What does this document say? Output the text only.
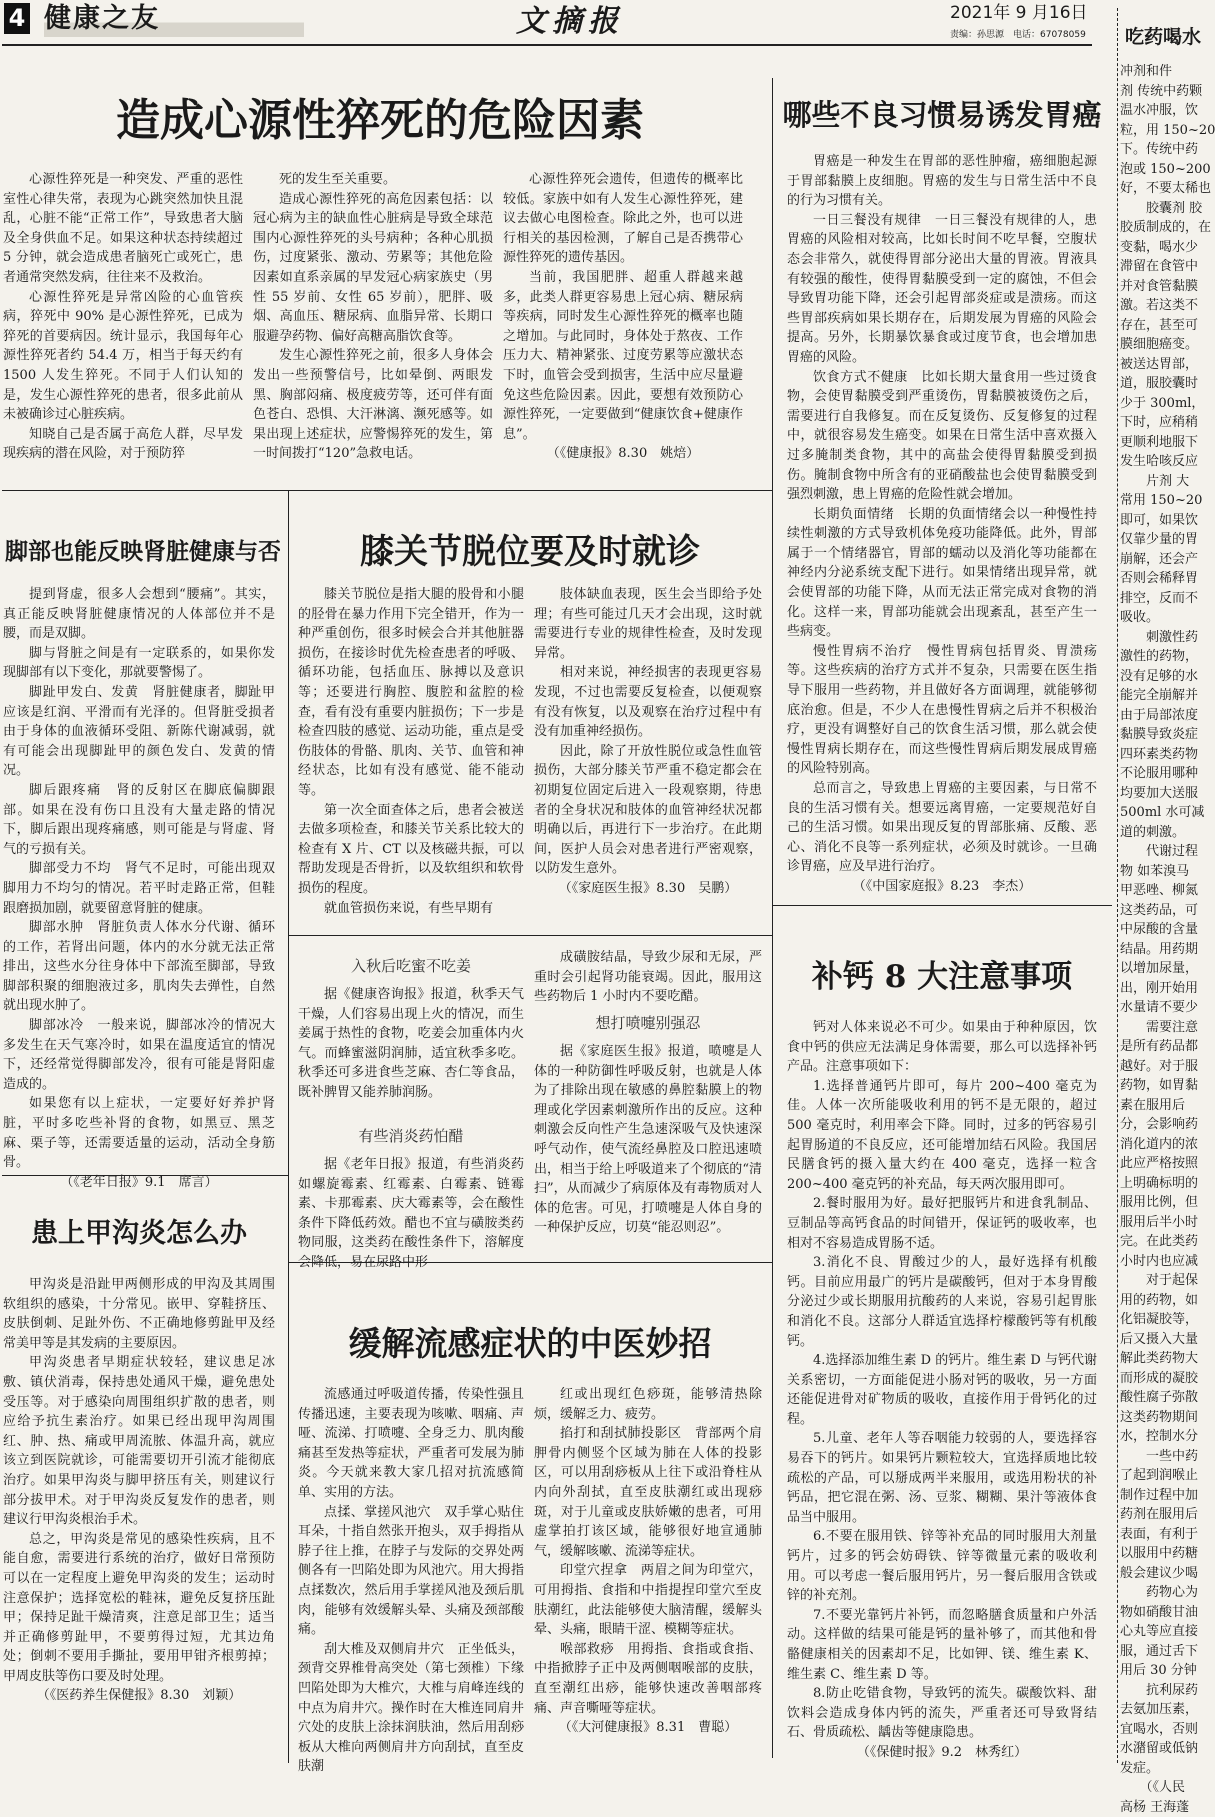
4 健康之友	文摘报	2021年 9 月16日
责编：孙思源　电话：67078059
造成心源性猝死的危险因素

心源性猝死是一种突发、严重的恶性室性心律失常，表现为心跳突然加快且混乱，心脏不能“正常工作”，导致患者大脑及全身供血不足。如果这种状态持续超过 5 分钟，就会造成患者脑死亡或死亡，患者通常突然发病，往往来不及救治。

心源性猝死是异常凶险的心血管疾病，猝死中 90% 是心源性猝死，已成为猝死的首要病因。统计显示，我国每年心源性猝死者约 54.4 万，相当于每天约有 1500 人发生猝死。不同于人们认知的是，发生心源性猝死的患者，很多此前从未被确诊过心脏疾病。

知晓自己是否属于高危人群，尽早发现疾病的潜在风险，对于预防猝

死的发生至关重要。

造成心源性猝死的高危因素包括：以冠心病为主的缺血性心脏病是导致全球范围内心源性猝死的头号病种；各种心肌损伤，过度紧张、激动、劳累等；其他危险因素如直系亲属的早发冠心病家族史（男性 55 岁前、女性 65 岁前），肥胖、吸烟、高血压、糖尿病、血脂异常、长期口服避孕药物、偏好高糖高脂饮食等。

发生心源性猝死之前，很多人身体会发出一些预警信号，比如晕倒、两眼发黑、胸部闷痛、极度疲劳等，还可伴有面色苍白、恐惧、大汗淋漓、濒死感等。如果出现上述症状，应警惕猝死的发生，第一时间拨打“120”急救电话。

心源性猝死会遗传，但遗传的概率比较低。家族中如有人发生心源性猝死，建议去做心电图检查。除此之外，也可以进行相关的基因检测，了解自己是否携带心源性猝死的遗传基因。

当前，我国肥胖、超重人群越来越多，此类人群更容易患上冠心病、糖尿病等疾病，同时发生心源性猝死的概率也随之增加。与此同时，身体处于熬夜、工作压力大、精神紧张、过度劳累等应激状态下时，血管会受到损害，生活中应尽量避免这些危险因素。因此，要想有效预防心源性猝死，一定要做到“健康饮食+健康作息”。

（《健康报》8.30　姚焙）

哪些不良习惯易诱发胃癌

胃癌是一种发生在胃部的恶性肿瘤，癌细胞起源于胃部黏膜上皮细胞。胃癌的发生与日常生活中不良的行为习惯有关。

一日三餐没有规律　一日三餐没有规律的人，患胃癌的风险相对较高，比如长时间不吃早餐，空腹状态会非常久，就使得胃部分泌出大量的胃液。胃液具有较强的酸性，使得胃黏膜受到一定的腐蚀，不但会导致胃功能下降，还会引起胃部炎症或是溃疡。而这些胃部疾病如果长期存在，后期发展为胃癌的风险会提高。另外，长期暴饮暴食或过度节食，也会增加患胃癌的风险。

饮食方式不健康　比如长期大量食用一些过烫食物，会使胃黏膜受到严重烫伤，胃黏膜被烫伤之后，需要进行自我修复。而在反复烫伤、反复修复的过程中，就很容易发生癌变。如果在日常生活中喜欢摄入过多腌制类食物，其中的高盐会使得胃黏膜受到损伤。腌制食物中所含有的亚硝酸盐也会使胃黏膜受到强烈刺激，患上胃癌的危险性就会增加。

长期负面情绪　长期的负面情绪会以一种慢性持续性刺激的方式导致机体免疫功能降低。此外，胃部属于一个情绪器官，胃部的蠕动以及消化等功能都在神经内分泌系统支配下进行。如果情绪出现异常，就会使胃部的功能下降，从而无法正常完成对食物的消化。这样一来，胃部功能就会出现紊乱，甚至产生一些病变。

慢性胃病不治疗　慢性胃病包括胃炎、胃溃疡等。这些疾病的治疗方式并不复杂，只需要在医生指导下服用一些药物，并且做好各方面调理，就能够彻底治愈。但是，不少人在患慢性胃病之后并不积极治疗，更没有调整好自己的饮食生活习惯，那么就会使慢性胃病长期存在，而这些慢性胃病后期发展成胃癌的风险特别高。

总而言之，导致患上胃癌的主要因素，与日常不良的生活习惯有关。想要远离胃癌，一定要规范好自己的生活习惯。如果出现反复的胃部胀痛、反酸、恶心、消化不良等一系列症状，必须及时就诊。一旦确诊胃癌，应及早进行治疗。

（《中国家庭报》8.23　李杰）

脚部也能反映肾脏健康与否

提到肾虚，很多人会想到“腰痛”。其实，真正能反映肾脏健康情况的人体部位并不是腰，而是双脚。

脚与肾脏之间是有一定联系的，如果你发现脚部有以下变化，那就要警惕了。

脚趾甲发白、发黄　肾脏健康者，脚趾甲应该是红润、平滑而有光泽的。但肾脏受损者由于身体的血液循环受阻、新陈代谢减弱，就有可能会出现脚趾甲的颜色发白、发黄的情况。

脚后跟疼痛　肾的反射区在脚底偏脚跟部。如果在没有伤口且没有大量走路的情况下，脚后跟出现疼痛感，则可能是与肾虚、肾气的亏损有关。

脚部受力不均　肾气不足时，可能出现双脚用力不均匀的情况。若平时走路正常，但鞋跟磨损加剧，就要留意肾脏的健康。

脚部水肿　肾脏负责人体水分代谢、循环的工作，若肾出问题，体内的水分就无法正常排出，这些水分往身体中下部流至脚部，导致脚部积聚的细胞液过多，肌肉失去弹性，自然就出现水肿了。

脚部冰冷　一般来说，脚部冰冷的情况大多发生在天气寒冷时，如果在温度适宜的情况下，还经常觉得脚部发冷，很有可能是肾阳虚造成的。

如果您有以上症状，一定要好好养护肾脏，平时多吃些补肾的食物，如黑豆、黑芝麻、栗子等，还需要适量的运动，活动全身筋骨。

（《老年日报》9.1　席言）

膝关节脱位要及时就诊

膝关节脱位是指大腿的股骨和小腿的胫骨在暴力作用下完全错开，作为一种严重创伤，很多时候会合并其他脏器损伤，在接诊时优先检查患者的呼吸、循环功能，包括血压、脉搏以及意识等；还要进行胸腔、腹腔和盆腔的检查，看有没有重要内脏损伤；下一步是检查四肢的感觉、运动功能，重点是受伤肢体的骨骼、肌肉、关节、血管和神经状态，比如有没有感觉、能不能动等。

第一次全面查体之后，患者会被送去做多项检查，和膝关节关系比较大的检查有 X 片、CT 以及核磁共振，可以帮助发现是否骨折，以及软组织和软骨损伤的程度。

就血管损伤来说，有些早期有

肢体缺血表现，医生会当即给予处理；有些可能过几天才会出现，这时就需要进行专业的规律性检查，及时发现异常。

相对来说，神经损害的表现更容易发现，不过也需要反复检查，以便观察有没有恢复，以及观察在治疗过程中有没有加重神经损伤。

因此，除了开放性脱位或急性血管损伤，大部分膝关节严重不稳定都会在初期复位固定后进入一段观察期，待患者的全身状况和肢体的血管神经状况都明确以后，再进行下一步治疗。在此期间，医护人员会对患者进行严密观察，以防发生意外。

（《家庭医生报》8.30　吴鹏）

入秋后吃蜜不吃姜

据《健康咨询报》报道，秋季天气干燥，人们容易出现上火的情况，而生姜属于热性的食物，吃姜会加重体内火气。而蜂蜜滋阴润肺，适宜秋季多吃。秋季还可多进食些芝麻、杏仁等食品，既补脾胃又能养肺润肠。

有些消炎药怕醋

据《老年日报》报道，有些消炎药如螺旋霉素、红霉素、白霉素、链霉素、卡那霉素、庆大霉素等，会在酸性条件下降低药效。醋也不宜与磺胺类药物同服，这类药在酸性条件下，溶解度会降低，易在尿路中形

成磺胺结晶，导致少尿和无尿，严重时会引起肾功能衰竭。因此，服用这些药物后 1 小时内不要吃醋。

想打喷嚏别强忍

据《家庭医生报》报道，喷嚏是人体的一种防御性呼吸反射，也就是人体为了排除出现在敏感的鼻腔黏膜上的物理或化学因素刺激所作出的反应。这种刺激会反向性产生急速深吸气及快速深呼气动作，使气流经鼻腔及口腔迅速喷出，相当于给上呼吸道来了个彻底的“清扫”，从而减少了病原体及有毒物质对人体的危害。可见，打喷嚏是人体自身的一种保护反应，切莫“能忍则忍”。

补钙 8 大注意事项

钙对人体来说必不可少。如果由于种种原因，饮食中钙的供应无法满足身体需要，那么可以选择补钙产品。注意事项如下：

1.选择普通钙片即可，每片 200~400 毫克为佳。人体一次所能吸收利用的钙不是无限的，超过 500 毫克时，利用率会下降。同时，过多的钙容易引起胃肠道的不良反应，还可能增加结石风险。我国居民膳食钙的摄入量大约在 400 毫克，选择一粒含 200~400 毫克钙的补充品，每天两次服用即可。

2.餐时服用为好。最好把服钙片和进食乳制品、豆制品等高钙食品的时间错开，保证钙的吸收率，也相对不容易造成胃肠不适。

3.消化不良、胃酸过少的人，最好选择有机酸钙。目前应用最广的钙片是碳酸钙，但对于本身胃酸分泌过少或长期服用抗酸药的人来说，容易引起胃胀和消化不良。这部分人群适宜选择柠檬酸钙等有机酸钙。

4.选择添加维生素 D 的钙片。维生素 D 与钙代谢关系密切，一方面能促进小肠对钙的吸收，另一方面还能促进骨对矿物质的吸收，直接作用于骨钙化的过程。

5.儿童、老年人等吞咽能力较弱的人，要选择容易吞下的钙片。如果钙片颗粒较大，宜选择质地比较疏松的产品，可以掰成两半来服用，或选用粉状的补钙品，把它混在粥、汤、豆浆、糊糊、果汁等液体食品当中服用。

6.不要在服用铁、锌等补充品的同时服用大剂量钙片，过多的钙会妨碍铁、锌等微量元素的吸收利用。可以考虑一餐后服用钙片，另一餐后服用含铁或锌的补充剂。

7.不要光靠钙片补钙，而忽略膳食质量和户外活动。这样做的结果可能是钙的量补够了，而其他和骨骼健康相关的因素却不足，比如钾、镁、维生素 K、维生素 C、维生素 D 等。

8.防止吃错食物，导致钙的流失。碳酸饮料、甜饮料会造成身体内钙的流失，严重者还可导致肾结石、骨质疏松、龋齿等健康隐患。

（《保健时报》9.2　林秀红）

患上甲沟炎怎么办

甲沟炎是沿趾甲两侧形成的甲沟及其周围软组织的感染，十分常见。嵌甲、穿鞋挤压、皮肤倒刺、足趾外伤、不正确地修剪趾甲及经常美甲等是其发病的主要原因。

甲沟炎患者早期症状较轻，建议患足冰敷、镇伏消毒，保持患处通风干燥，避免患处受压等。对于感染向周围组织扩散的患者，则应给予抗生素治疗。如果已经出现甲沟周围红、肿、热、痛或甲周流脓、体温升高，就应该立到医院就诊，可能需要切开引流才能彻底治疗。如果甲沟炎与脚甲挤压有关，则建议行部分拔甲术。对于甲沟炎反复发作的患者，则建议行甲沟炎根治手术。

总之，甲沟炎是常见的感染性疾病，且不能自愈，需要进行系统的治疗，做好日常预防可以在一定程度上避免甲沟炎的发生；运动时注意保护；选择宽松的鞋袜，避免反复挤压趾甲；保持足趾干燥清爽，注意足部卫生；适当并正确修剪趾甲，不要剪得过短，尤其边角处；倒刺不要用手撕扯，要用甲钳齐根剪掉；甲周皮肤等伤口要及时处理。

（《医药养生保健报》8.30　刘颖）

缓解流感症状的中医妙招

流感通过呼吸道传播，传染性强且传播迅速，主要表现为咳嗽、咽痛、声哑、流涕、打喷嚏、全身乏力、肌肉酸痛甚至发热等症状，严重者可发展为肺炎。今天就来教大家几招对抗流感简单、实用的方法。

点揉、掌搓风池穴　双手掌心贴住耳朵，十指自然张开抱头，双手拇指从脖子往上推，在脖子与发际的交界处两侧各有一凹陷处即为风池穴。用大拇指点揉数次，然后用手掌搓风池及颈后肌肉，能够有效缓解头晕、头痛及颈部酸痛。

刮大椎及双侧肩井穴　正坐低头，颈背交界椎骨高突处（第七颈椎）下缘凹陷处即为大椎穴，大椎与肩峰连线的中点为肩井穴。操作时在大椎连同肩井穴处的皮肤上涂抹润肤油，然后用刮痧板从大椎向两侧肩井方向刮拭，直至皮肤潮

红或出现红色痧斑，能够清热除烦，缓解乏力、疲劳。

掐打和刮拭肺投影区　背部两个肩胛骨内侧竖个区域为肺在人体的投影区，可以用刮痧板从上往下或沿脊柱从内向外刮拭，直至皮肤潮红或出现痧斑，对于儿童或皮肤娇嫩的患者，可用虚掌拍打该区域，能够很好地宣通肺气，缓解咳嗽、流涕等症状。

印堂穴捏拿　两眉之间为印堂穴，可用拇指、食指和中指提捏印堂穴至皮肤潮红，此法能够使大脑清醒，缓解头晕、头痛，眼睛干涩、模糊等症状。

喉部救痧　用拇指、食指或食指、中指掀脖子正中及两侧咽喉部的皮肤，直至潮红出痧，能够快速改善咽部疼痛、声音嘶哑等症状。

（《大河健康报》8.31　曹聪）

吃药喝水
冲剂和件
剂 传统中药颗
温水冲服，饮
粒，用 150~20
下。传统中药
泡或 150~200
好，不要太稀也
　　胶囊剂 胶
胶质制成的，在
变黏，喝水少
滞留在食管中
并对食管黏膜
激。若这类不
存在，甚至可
膜细胞癌变。
被送达胃部，
道，服胶囊时
少于 300ml，
下时，应稍稍
更顺利地服下
发生哈咳反应
　　片剂 大
常用 150~20
即可，如果饮
仅靠少量的胃
崩解，还会产
否则会稀释胃
排空，反而不
吸收。
　　刺激性药
激性的药物，
没有足够的水
能完全崩解并
由于局部浓度
黏膜导致炎症
四环素类药物
不论服用哪种
均要加大送服
500ml 水可减
道的刺激。
　　代谢过程
物 如苯溴马
甲恶唑、柳氮
这类药品，可
中尿酸的含量
结晶。用药期
以增加尿量，
出，刚开始用
水量请不要少
　　需要注意
是所有药品都
越好。对于服
药物，如胃黏
素在服用后
分，会影响药
消化道内的浓
此应严格按照
上明确标明的
服用比例，但
服用后半小时
完。在此类药
小时内也应减
　　对于起保
用的药物，如
化铝凝胶等，
后又摄入大量
解此类药物大
而形成的凝胶
酸性腐子弥散
这类药物期间
水，控制水分
　　一些中药
了起到润喉止
制作过程中加
药剂在服用后
表面，有利于
以服用中药糖
般会建议少喝
　　药物心为
物如硝酸甘油
心丸等应直接
服，通过舌下
用后 30 分钟
　　抗利尿药
去氨加压素，
宜喝水，否则
水潴留或低钠
发症。
　　（《人民
高杨 王海蓬
